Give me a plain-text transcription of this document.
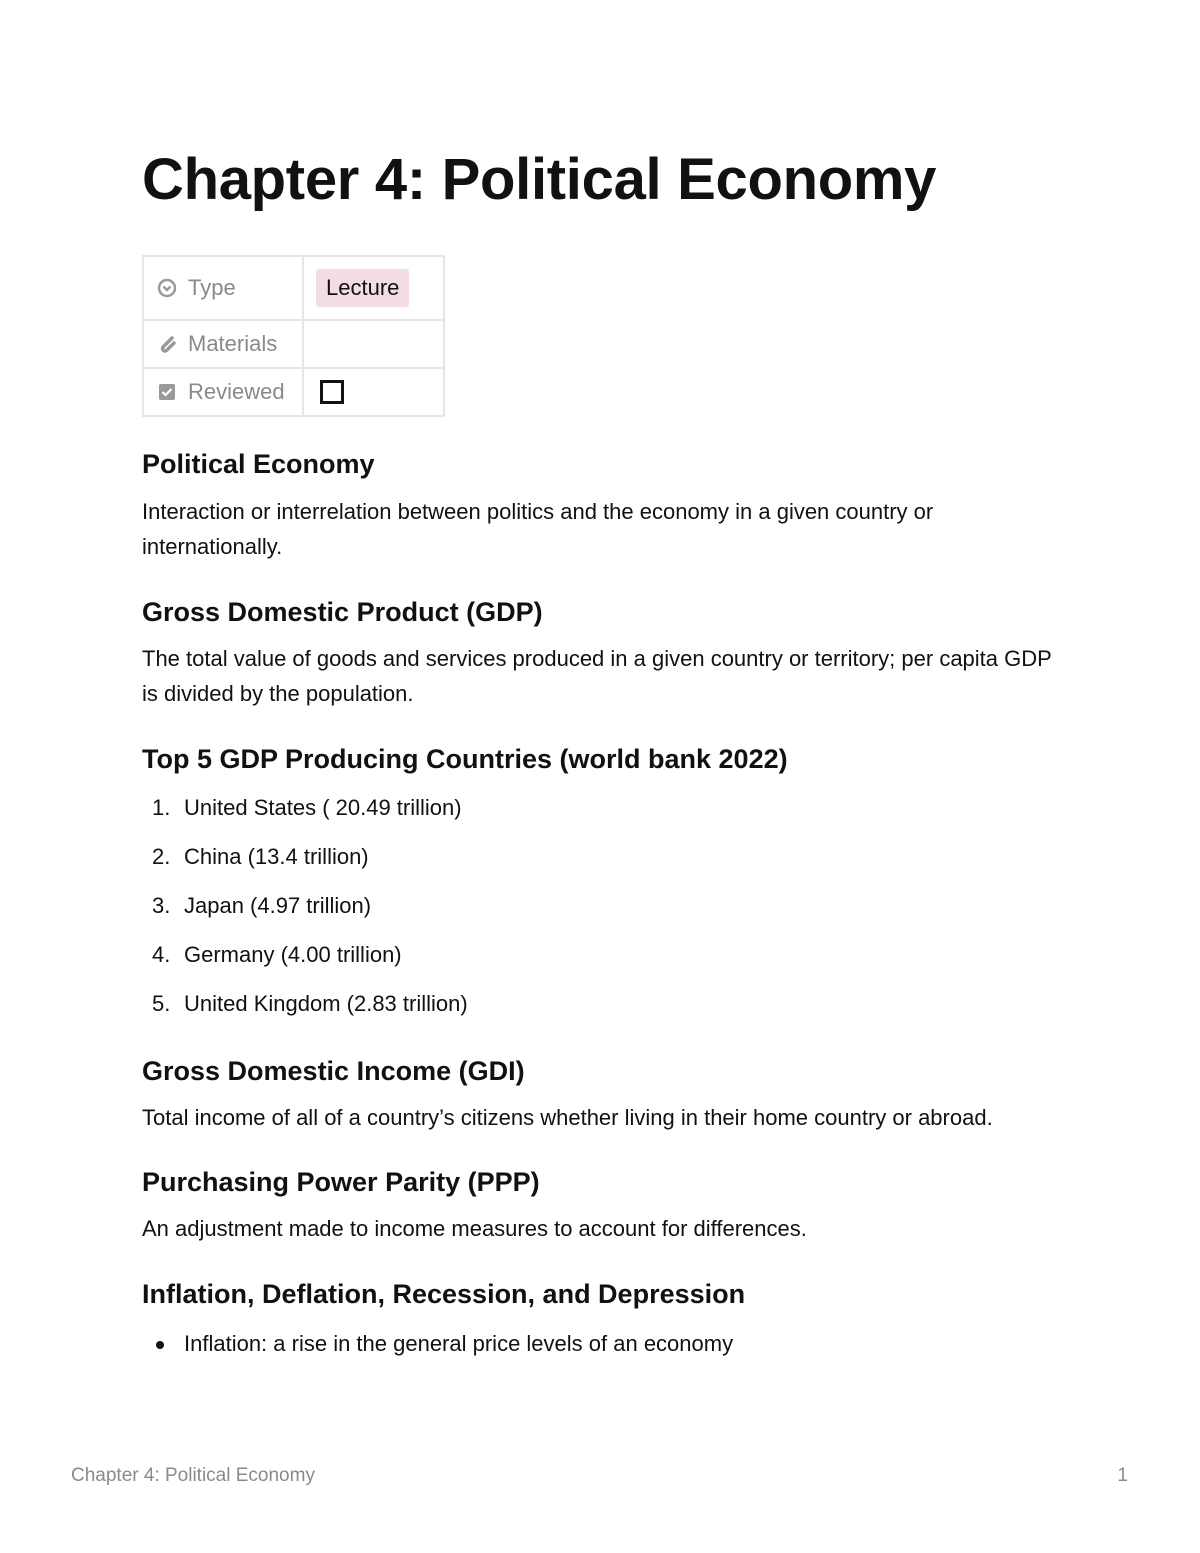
Chapter 4: Political Economy
Type	Lecture

Materials	

Reviewed	

Political Economy

Interaction or interrelation between politics and the economy in a given country or internationally.

Gross Domestic Product (GDP)

The total value of goods and services produced in a given country or territory; per capita GDP is divided by the population.

Top 5 GDP Producing Countries (world bank 2022)
1. United States ( 20.49 trillion)
2. China (13.4 trillion)
3. Japan (4.97 trillion)
4. Germany (4.00 trillion)
5. United Kingdom (2.83 trillion)
Gross Domestic Income (GDI)

Total income of all of a country’s citizens whether living in their home country or abroad.

Purchasing Power Parity (PPP)

An adjustment made to income measures to account for differences.

Inflation, Deflation, Recession, and Depression
Inflation: a rise in the general price levels of an economy
Chapter 4: Political Economy	1
